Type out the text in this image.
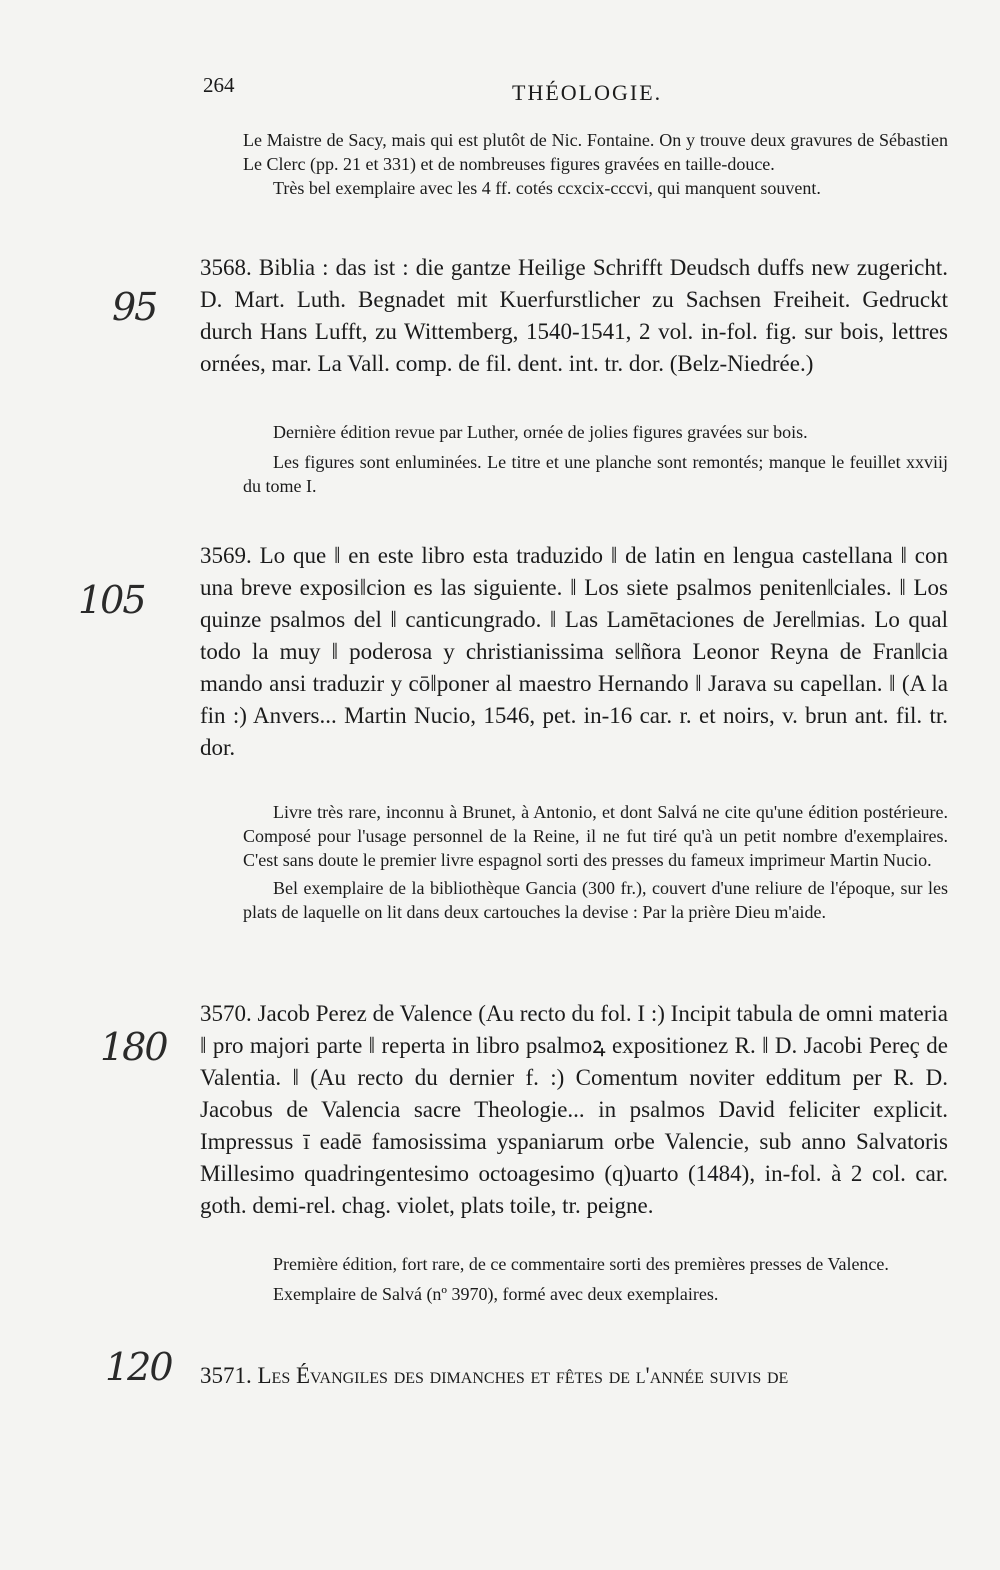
264	THÉOLOGIE.

Le Maistre de Sacy, mais qui est plutôt de Nic. Fontaine. On y trouve deux gravures de Sébastien Le Clerc (pp. 21 et 331) et de nombreuses figures gravées en taille-douce.

Très bel exemplaire avec les 4 ff. cotés ccxcix-cccvi, qui manquent souvent.

95

3568. Biblia : das ist : die gantze Heilige Schrifft Deudsch duffs new zugericht. D. Mart. Luth. Begnadet mit Kuerfurstlicher zu Sachsen Freiheit. Gedruckt durch Hans Lufft, zu Wittemberg, 1540-1541, 2 vol. in-fol. fig. sur bois, lettres ornées, mar. La Vall. comp. de fil. dent. int. tr. dor. (Belz-Niedrée.)

Dernière édition revue par Luther, ornée de jolies figures gravées sur bois.

Les figures sont enluminées. Le titre et une planche sont remontés; manque le feuillet xxviij du tome I.

105

3569. Lo que ‖ en este libro esta traduzido ‖ de latin en lengua castellana ‖ con una breve exposi‖cion es las siguiente. ‖ Los siete psalmos peniten‖ciales. ‖ Los quinze psalmos del ‖ canticungrado. ‖ Las Lamētaciones de Jere‖mias. Lo qual todo la muy ‖ poderosa y christianissima se‖ñora Leonor Reyna de Fran‖cia mando ansi traduzir y cō‖poner al maestro Hernando ‖ Jarava su capellan. ‖ (A la fin :) Anvers... Martin Nucio, 1546, pet. in-16 car. r. et noirs, v. brun ant. fil. tr. dor.

Livre très rare, inconnu à Brunet, à Antonio, et dont Salvá ne cite qu'une édition postérieure. Composé pour l'usage personnel de la Reine, il ne fut tiré qu'à un petit nombre d'exemplaires. C'est sans doute le premier livre espagnol sorti des presses du fameux imprimeur Martin Nucio.

Bel exemplaire de la bibliothèque Gancia (300 fr.), couvert d'une reliure de l'époque, sur les plats de laquelle on lit dans deux cartouches la devise : Par la prière Dieu m'aide.

180

3570. Jacob Perez de Valence (Au recto du fol. I :) Incipit tabula de omni materia ‖ pro majori parte ‖ reperta in libro psalmoꝝ expositionez R. ‖ D. Jacobi Pereç de Valentia. ‖ (Au recto du dernier f. :) Comentum noviter edditum per R. D. Jacobus de Valencia sacre Theologie... in psalmos David feliciter explicit. Impressus ī eadē famosissima yspaniarum orbe Valencie, sub anno Salvatoris Millesimo quadringentesimo octoagesimo (q)uarto (1484), in-fol. à 2 col. car. goth. demi-rel. chag. violet, plats toile, tr. peigne.

Première édition, fort rare, de ce commentaire sorti des premières presses de Valence.

Exemplaire de Salvá (nº 3970), formé avec deux exemplaires.

120 3571. Les Évangiles des dimanches et fêtes de l'année suivis de
